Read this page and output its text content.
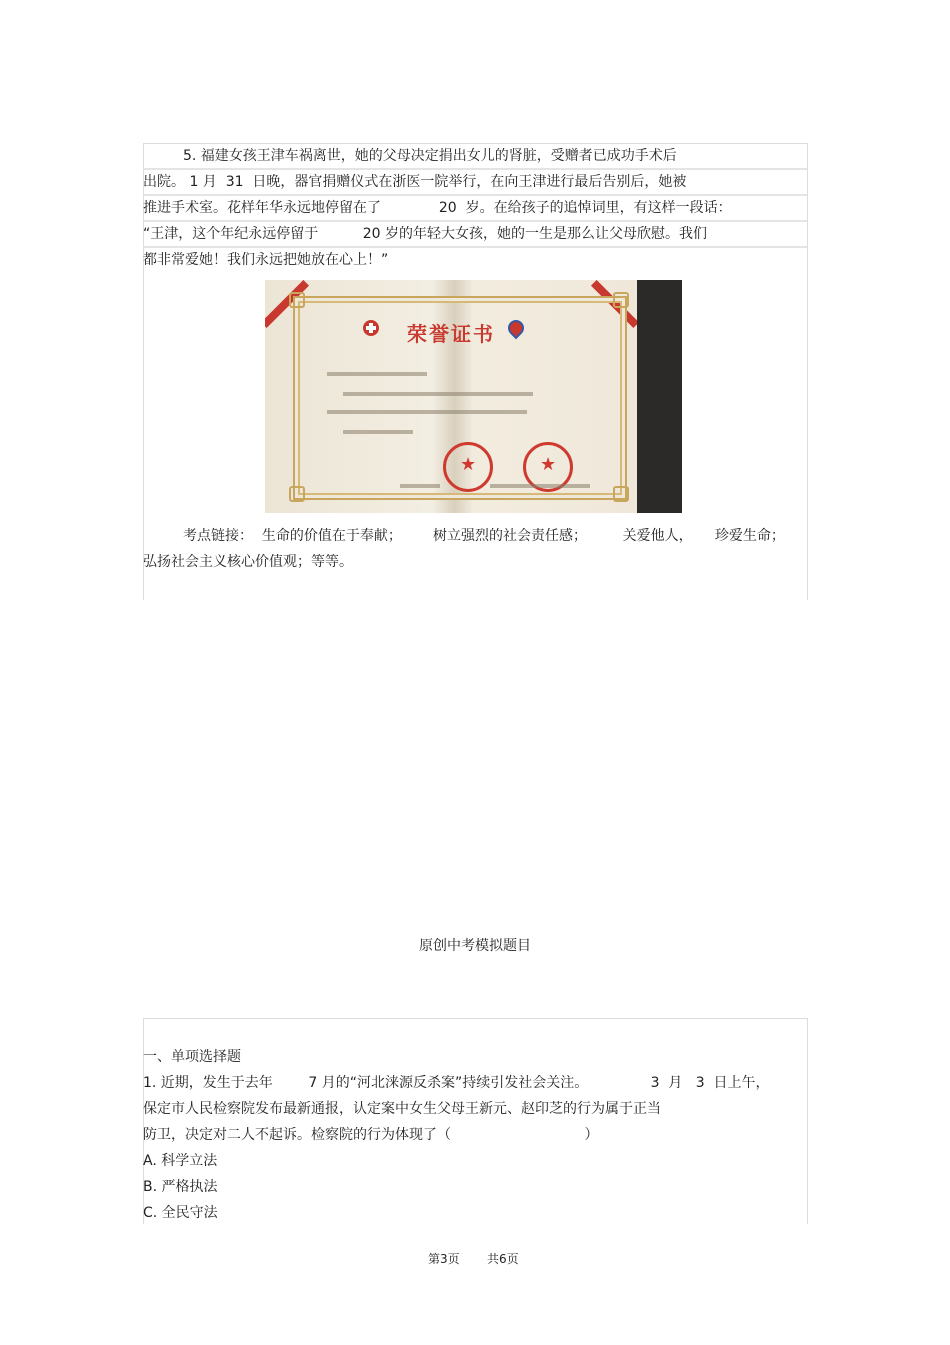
5. 福建女孩王津车祸离世，她的父母决定捐出女儿的肾脏，受赠者已成功手术后
出院。 1 月  31  日晚，器官捐赠仪式在浙医一院举行，在向王津进行最后告别后，她被
推进手术室。花样年华永远地停留在了             20  岁。在给孩子的追悼词里，有这样一段话：
“王津，这个年纪永远停留于          20 岁的年轻大女孩，她的一生是那么让父母欣慰。我们
都非常爱她！我们永远把她放在心上！”
荣誉证书
★	★
考点链接：  生命的价值在于奉献；       树立强烈的社会责任感；        关爱他人，     珍爱生命；
弘扬社会主义核心价值观；等等。
原创中考模拟题目
一、单项选择题
1. 近期，发生于去年        7 月的“河北涞源反杀案”持续引发社会关注。              3  月   3  日上午，
保定市人民检察院发布最新通报，认定案中女生父母王新元、赵印芝的行为属于正当
防卫，决定对二人不起诉。检察院的行为体现了（                              ）
A. 科学立法
B. 严格执法
C. 全民守法
第3页 共6页
